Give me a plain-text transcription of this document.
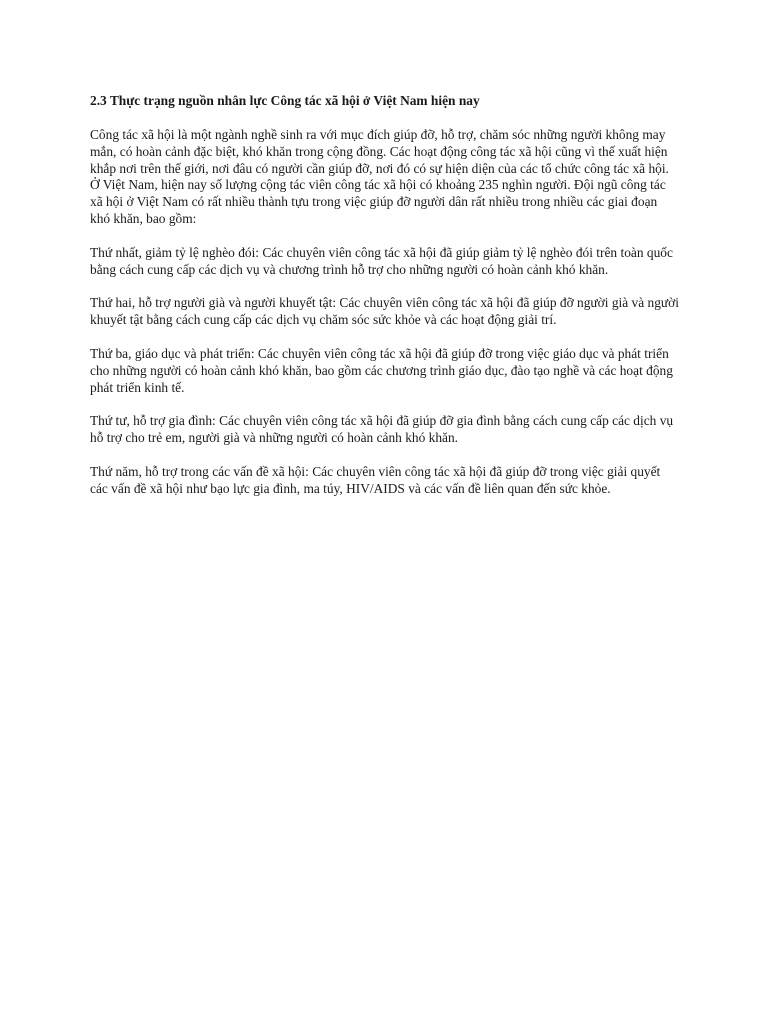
2.3 Thực trạng nguồn nhân lực Công tác xã hội ở Việt Nam hiện nay

Công tác xã hội là một ngành nghề sinh ra với mục đích giúp đỡ, hỗ trợ, chăm sóc những người không may mắn, có hoàn cảnh đặc biệt, khó khăn trong cộng đồng. Các hoạt động công tác xã hội cũng vì thế xuất hiện khắp nơi trên thế giới, nơi đâu có người cần giúp đỡ, nơi đó có sự hiện diện của các tổ chức công tác xã hội. Ở Việt Nam, hiện nay số lượng cộng tác viên công tác xã hội có khoảng 235 nghìn người. Đội ngũ công tác xã hội ở Việt Nam có rất nhiều thành tựu trong việc giúp đỡ người dân rất nhiều trong nhiều các giai đoạn khó khăn, bao gồm:

Thứ nhất, giảm tỷ lệ nghèo đói: Các chuyên viên công tác xã hội đã giúp giảm tỷ lệ nghèo đói trên toàn quốc bằng cách cung cấp các dịch vụ và chương trình hỗ trợ cho những người có hoàn cảnh khó khăn.

Thứ hai, hỗ trợ người già và người khuyết tật: Các chuyên viên công tác xã hội đã giúp đỡ người già và người khuyết tật bằng cách cung cấp các dịch vụ chăm sóc sức khỏe và các hoạt động giải trí.

Thứ ba, giáo dục và phát triển: Các chuyên viên công tác xã hội đã giúp đỡ trong việc giáo dục và phát triển cho những người có hoàn cảnh khó khăn, bao gồm các chương trình giáo dục, đào tạo nghề và các hoạt động phát triển kinh tế.

Thứ tư, hỗ trợ gia đình: Các chuyên viên công tác xã hội đã giúp đỡ gia đình bằng cách cung cấp các dịch vụ hỗ trợ cho trẻ em, người già và những người có hoàn cảnh khó khăn.

Thứ năm, hỗ trợ trong các vấn đề xã hội: Các chuyên viên công tác xã hội đã giúp đỡ trong việc giải quyết các vấn đề xã hội như bạo lực gia đình, ma túy, HIV/AIDS và các vấn đề liên quan đến sức khỏe.
